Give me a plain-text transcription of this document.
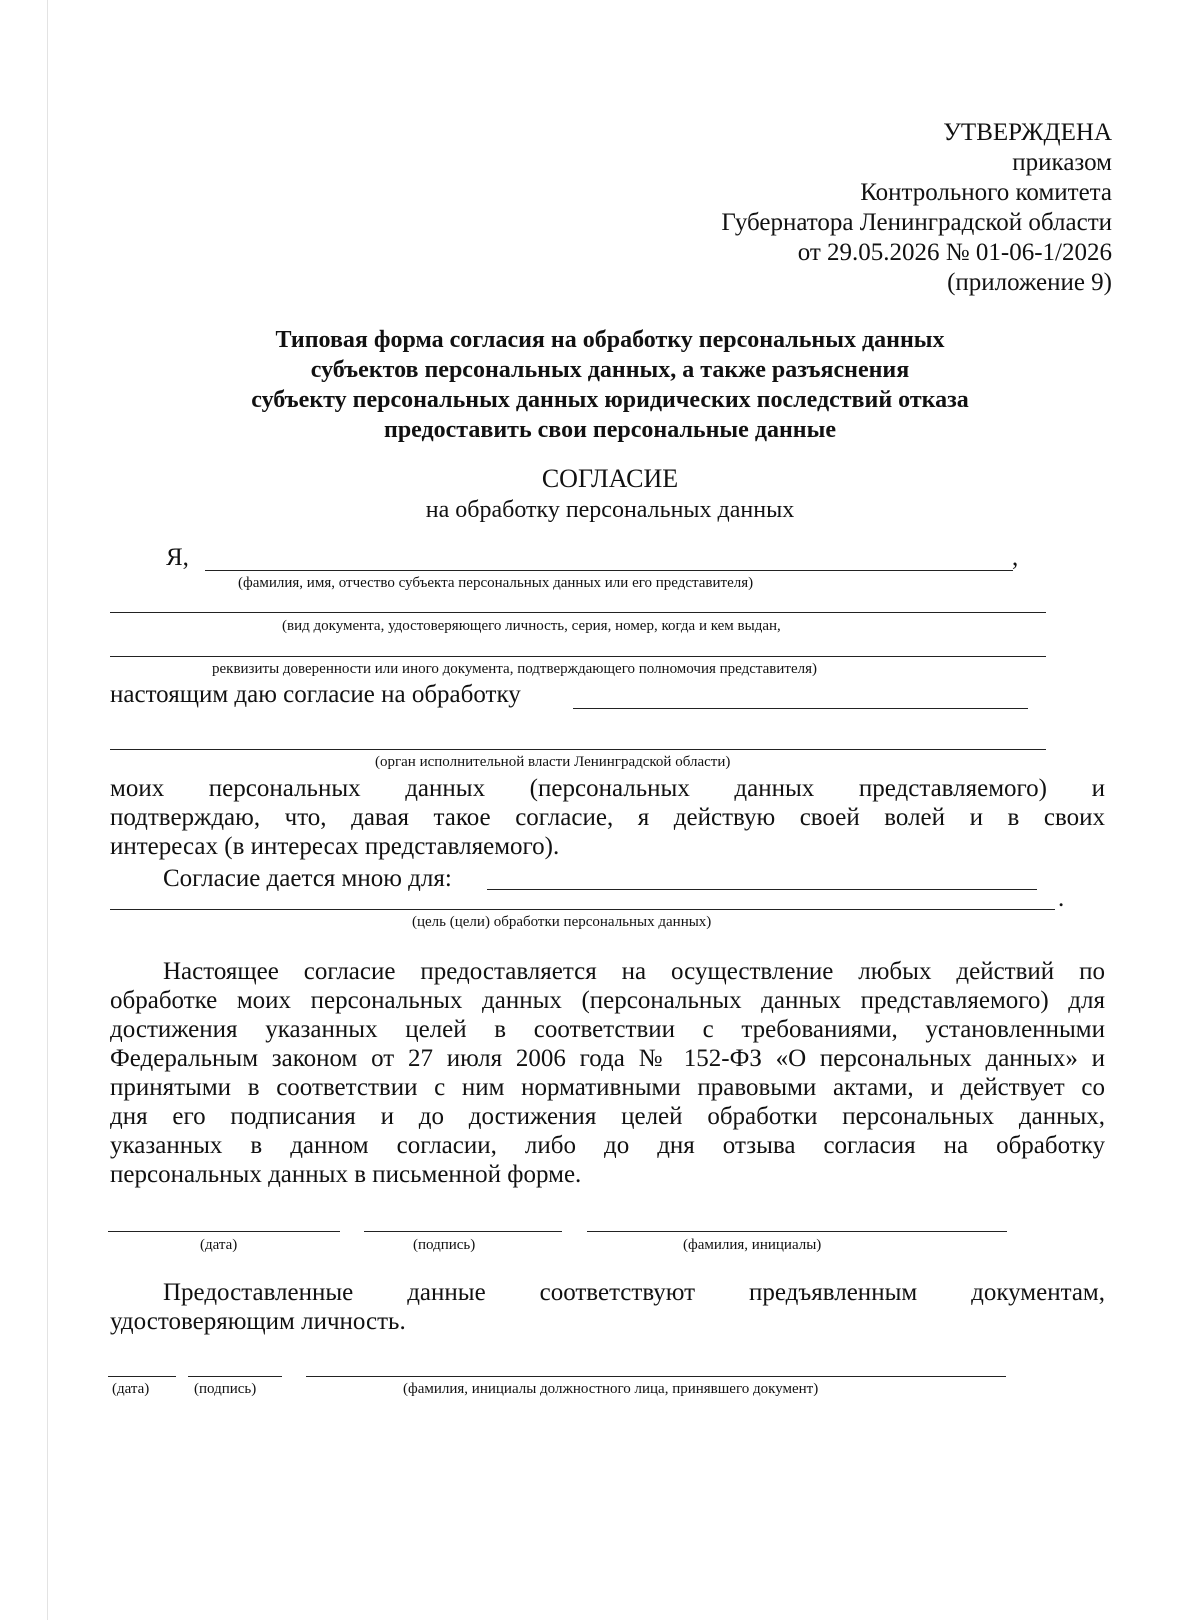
УТВЕРЖДЕНА
приказом
Контрольного комитета
Губернатора Ленинградской области
от 29.05.2026 № 01-06-1/2026
(приложение 9)
Типовая форма согласия на обработку персональных данных
субъектов персональных данных, а также разъяснения
субъекту персональных данных юридических последствий отказа
предоставить свои персональные данные
СОГЛАСИЕ
на обработку персональных данных
Я,	,
(фамилия, имя, отчество субъекта персональных данных или его представителя)
(вид документа, удостоверяющего личность, серия, номер, когда и кем выдан,
реквизиты доверенности или иного документа, подтверждающего полномочия представителя)
настоящим даю согласие на обработку
(орган исполнительной власти Ленинградской области)
моих персональных данных (персональных данных представляемого) и
подтверждаю, что, давая такое согласие, я действую своей волей и в своих
интересах (в интересах представляемого).
Согласие дается мною для:
.
(цель (цели) обработки персональных данных)
Настоящее согласие предоставляется на осуществление любых действий по
обработке моих персональных данных (персональных данных представляемого) для
достижения указанных целей в соответствии с требованиями, установленными
Федеральным законом от 27 июля 2006 года № 152-ФЗ «О персональных данных» и
принятыми в соответствии с ним нормативными правовыми актами, и действует со
дня его подписания и до достижения целей обработки персональных данных,
указанных в данном согласии, либо до дня отзыва согласия на обработку
персональных данных в письменной форме.
(дата)	(подпись)	(фамилия, инициалы)
Предоставленные данные соответствуют предъявленным документам,
удостоверяющим личность.
(дата)	(подпись)	(фамилия, инициалы должностного лица, принявшего документ)
